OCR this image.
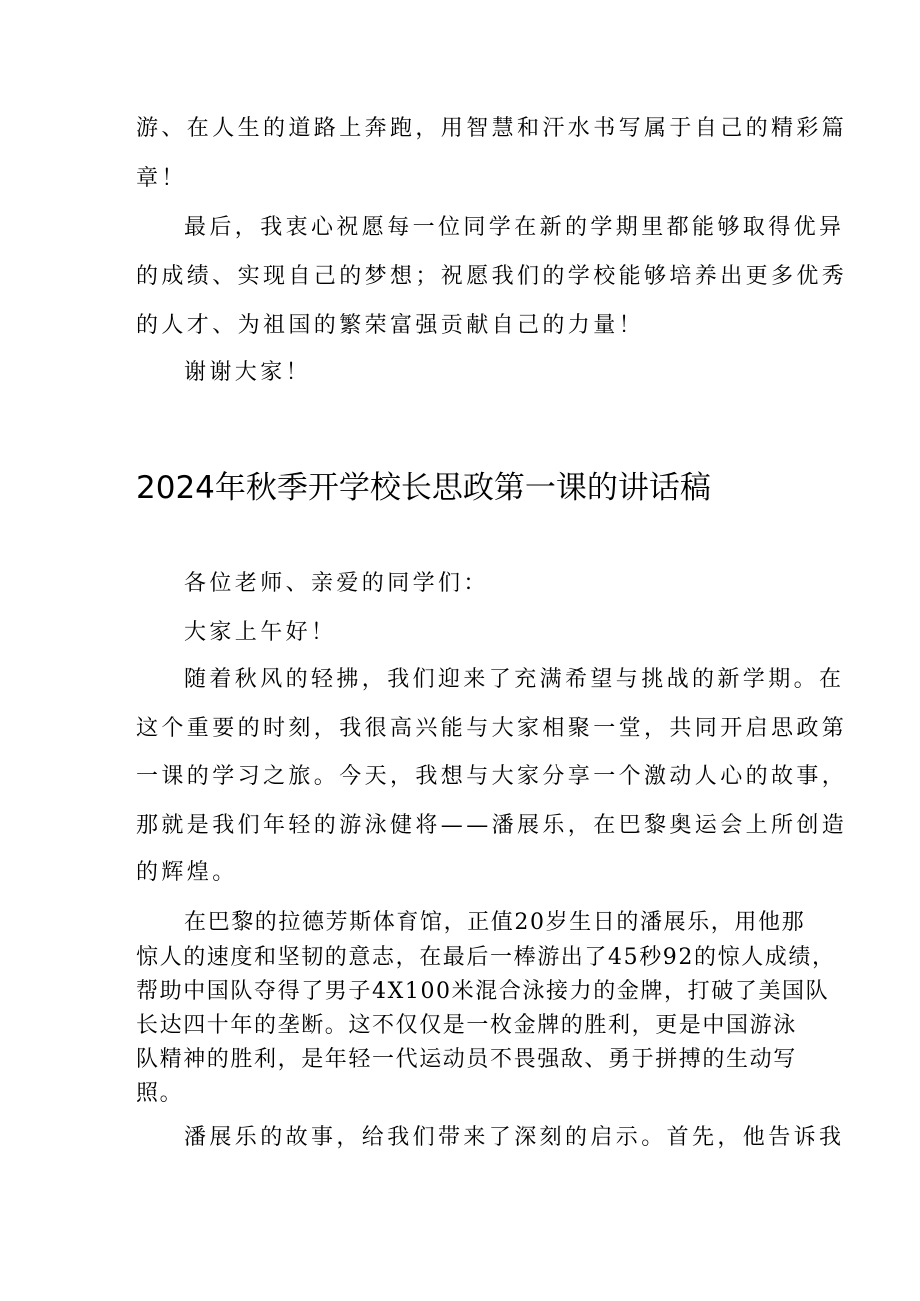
游、在人生的道路上奔跑，用智慧和汗水书写属于自己的精彩篇
章！
最后，我衷心祝愿每一位同学在新的学期里都能够取得优异
的成绩、实现自己的梦想；祝愿我们的学校能够培养出更多优秀
的人才、为祖国的繁荣富强贡献自己的力量！
谢谢大家！
2024年秋季开学校长思政第一课的讲话稿
各位老师、亲爱的同学们：
大家上午好！
随着秋风的轻拂，我们迎来了充满希望与挑战的新学期。在
这个重要的时刻，我很高兴能与大家相聚一堂，共同开启思政第
一课的学习之旅。今天，我想与大家分享一个激动人心的故事，
那就是我们年轻的游泳健将——潘展乐，在巴黎奥运会上所创造
的辉煌。
在巴黎的拉德芳斯体育馆，正值20岁生日的潘展乐，用他那
惊人的速度和坚韧的意志，在最后一棒游出了45秒92的惊人成绩，
帮助中国队夺得了男子4X100米混合泳接力的金牌，打破了美国队
长达四十年的垄断。这不仅仅是一枚金牌的胜利，更是中国游泳
队精神的胜利，是年轻一代运动员不畏强敌、勇于拼搏的生动写
照。
潘展乐的故事，给我们带来了深刻的启示。首先，他告诉我
